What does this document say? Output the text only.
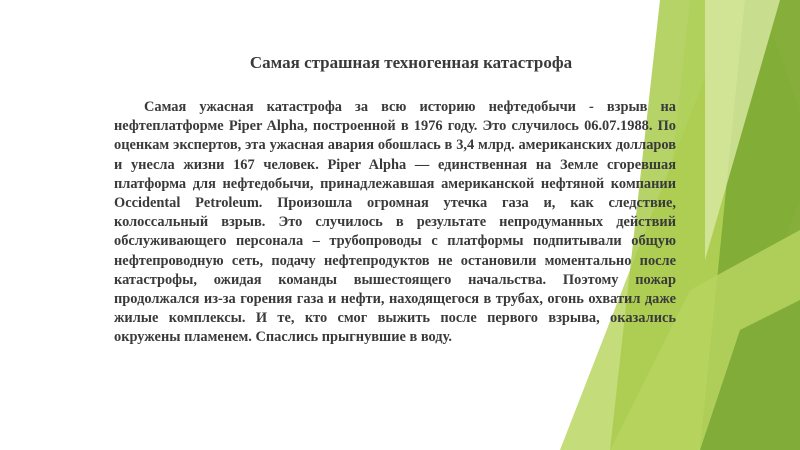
Самая страшная техногенная катастрофа

Самая ужасная катастрофа за всю историю нефтедобычи - взрыв на нефтеплатформе Piper Alpha, построенной в 1976 году. Это случилось 06.07.1988. По оценкам экспертов, эта ужасная авария обошлась в 3,4 млрд. американских долларов и унесла жизни 167 человек. Piper Alpha — единственная на Земле сгоревшая платформа для нефтедобычи, принадлежавшая американской нефтяной компании Occidental Petroleum. Произошла огромная утечка газа и, как следствие, колоссальный взрыв. Это случилось в результате непродуманных действий обслуживающего персонала – трубопроводы с платформы подпитывали общую нефтепроводную сеть, подачу нефтепродуктов не остановили моментально после катастрофы, ожидая команды вышестоящего начальства. Поэтому пожар продолжался из-за горения газа и нефти, находящегося в трубах, огонь охватил даже жилые комплексы. И те, кто смог выжить после первого взрыва, оказались окружены пламенем. Спаслись прыгнувшие в воду.
